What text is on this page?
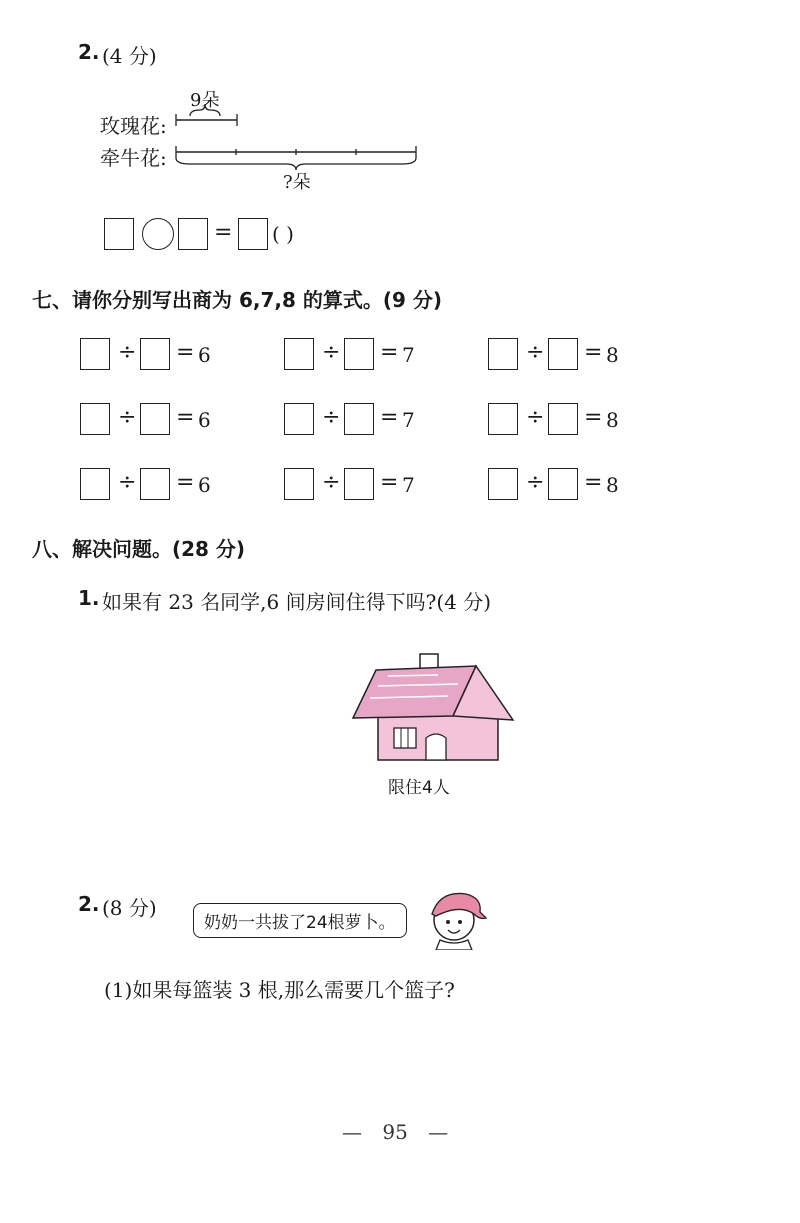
2. (4 分)
9朵
玫瑰花:
牵牛花:
?朵
= ( )
七、请你分别写出商为 6,7,8 的算式。(9 分)
÷ = 6	÷ = 7	÷ = 8
÷ = 6	÷ = 7	÷ = 8
÷ = 6	÷ = 7	÷ = 8
八、解决问题。(28 分)
1. 如果有 23 名同学,6 间房间住得下吗?(4 分)
限住4人
2. (8 分)
奶奶一共拔了24根萝卜。
(1)如果每篮装 3 根,那么需要几个篮子?
— 95 —
